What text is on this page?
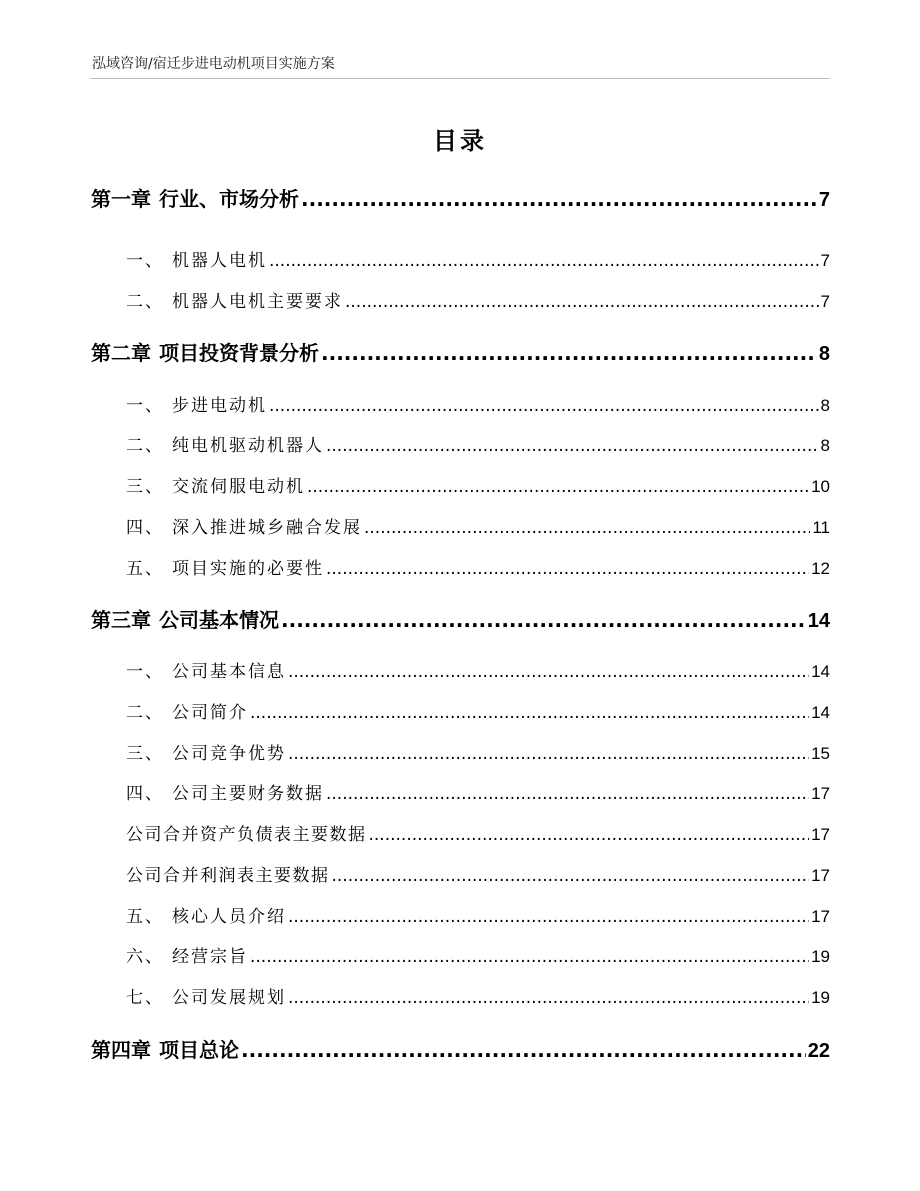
泓域咨询/宿迁步进电动机项目实施方案
目录
第一章 行业、市场分析 .....	7
一、 机器人电机 .....	7
二、 机器人电机主要要求 .....	7
第二章 项目投资背景分析 .....	8
一、 步进电动机 .....	8
二、 纯电机驱动机器人 .....	8
三、 交流伺服电动机 .....	10
四、 深入推进城乡融合发展 .....	11
五、 项目实施的必要性 .....	12
第三章 公司基本情况 .....	14
一、 公司基本信息 .....	14
二、 公司简介 .....	14
三、 公司竞争优势 .....	15
四、 公司主要财务数据 .....	17
公司合并资产负债表主要数据 .....	17
公司合并利润表主要数据 .....	17
五、 核心人员介绍 .....	17
六、 经营宗旨 .....	19
七、 公司发展规划 .....	19
第四章 项目总论 .....	22
